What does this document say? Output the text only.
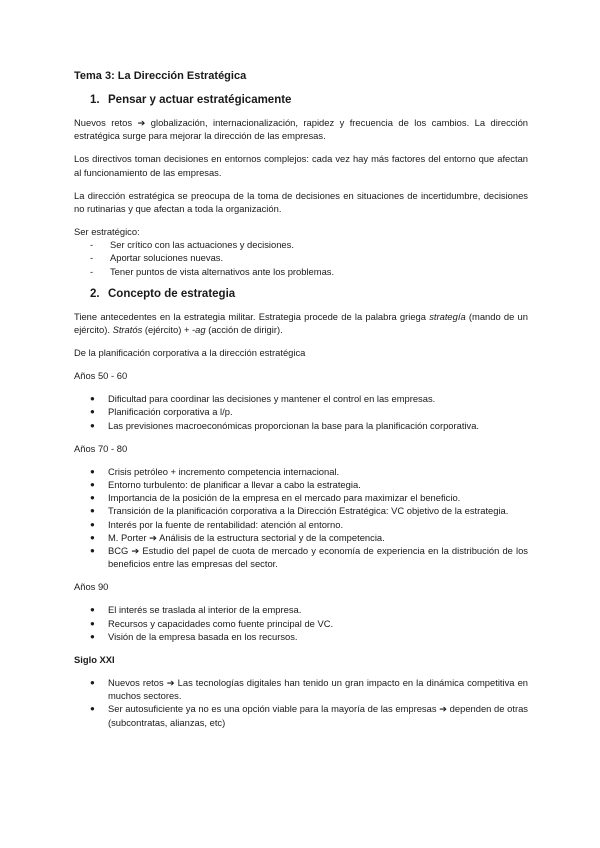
Tema 3: La Dirección Estratégica
1. Pensar y actuar estratégicamente

Nuevos retos ➔ globalización, internacionalización, rapidez y frecuencia de los cambios. La dirección estratégica surge para mejorar la dirección de las empresas.

Los directivos toman decisiones en entornos complejos: cada vez hay más factores del entorno que afectan al funcionamiento de las empresas.

La dirección estratégica se preocupa de la toma de decisiones en situaciones de incertidumbre, decisiones no rutinarias y que afectan a toda la organización.

Ser estratégico:
-	Ser crítico con las actuaciones y decisiones.
-	Aportar soluciones nuevas.
-	Tener puntos de vista alternativos ante los problemas.
2. Concepto de estrategia

Tiene antecedentes en la estrategia militar. Estrategia procede de la palabra griega strategía (mando de un ejército). Stratós (ejército) + -ag (acción de dirigir).

De la planificación corporativa a la dirección estratégica
Años 50 - 60
●	Dificultad para coordinar las decisiones y mantener el control en las empresas.
●	Planificación corporativa a l/p.
●	Las previsiones macroeconómicas proporcionan la base para la planificación corporativa.
Años 70 - 80
●	Crisis petróleo + incremento competencia internacional.
●	Entorno turbulento: de planificar a llevar a cabo la estrategia.
●	Importancia de la posición de la empresa en el mercado para maximizar el beneficio.
●	Transición de la planificación corporativa a la Dirección Estratégica: VC objetivo de la estrategia.
●	Interés por la fuente de rentabilidad: atención al entorno.
●	M. Porter ➔ Análisis de la estructura sectorial y de la competencia.
●	BCG ➔ Estudio del papel de cuota de mercado y economía de experiencia en la distribución de los beneficios entre las empresas del sector.
Años 90
●	El interés se traslada al interior de la empresa.
●	Recursos y capacidades como fuente principal de VC.
●	Visión de la empresa basada en los recursos.
Siglo XXI
●	Nuevos retos ➔ Las tecnologías digitales han tenido un gran impacto en la dinámica competitiva en muchos sectores.
●	Ser autosuficiente ya no es una opción viable para la mayoría de las empresas ➔ dependen de otras (subcontratas, alianzas, etc)
